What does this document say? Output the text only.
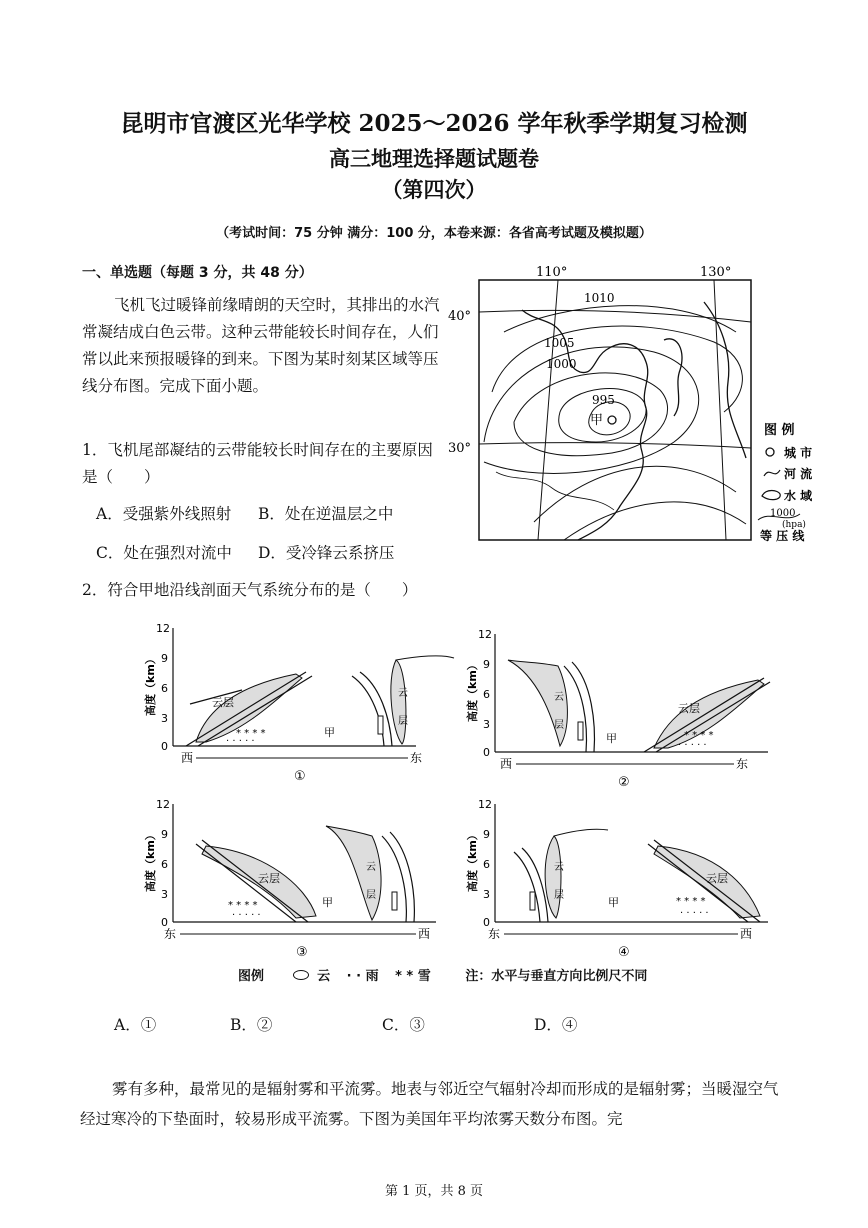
昆明市官渡区光华学校 2025～2026 学年秋季学期复习检测
高三地理选择题试题卷
（第四次）
（考试时间：75 分钟 满分：100 分，本卷来源：各省高考试题及模拟题）
一、单选题（每题 3 分，共 48 分）
飞机飞过暖锋前缘晴朗的天空时，其排出的水汽常凝结成白色云带。这种云带能较长时间存在，人们常以此来预报暖锋的到来。下图为某时刻某区域等压线分布图。完成下面小题。
1．飞机尾部凝结的云带能较长时间存在的主要原因是（　　）
A．受强紫外线照射 B．处在逆温层之中
C．处在强烈对流中 D．受冷锋云系挤压
2．符合甲地沿线剖面天气系统分布的是（　　）
110°	130°
40°
30°
1010
1005
1000
995
甲
图 例
城 市
河 流
水 域
1000
(hpa)
等 压 线
12
9
6
3
0
高度（km）	云层
* * * *
· · · · ·
甲
云
层
西	东
①
12
9
6
3
0
高度（km）	云
层
甲
云层
* * * *
· · · · ·
西	东
②
12
9
6
3
0
高度（km）	云层
* * * *
· · · · ·
甲
云
层
东	西
③
12
9
6
3
0
高度（km）	云
层
甲
云层
* * * *
· · · · ·
东	西
④
图例	云 · · 雨 * * 雪	注：水平与垂直方向比例尺不同
A．①	B．②	C．③	D．④
雾有多种，最常见的是辐射雾和平流雾。地表与邻近空气辐射冷却而形成的是辐射雾；当暖湿空气经过寒冷的下垫面时，较易形成平流雾。下图为美国年平均浓雾天数分布图。完
第 1 页，共 8 页
